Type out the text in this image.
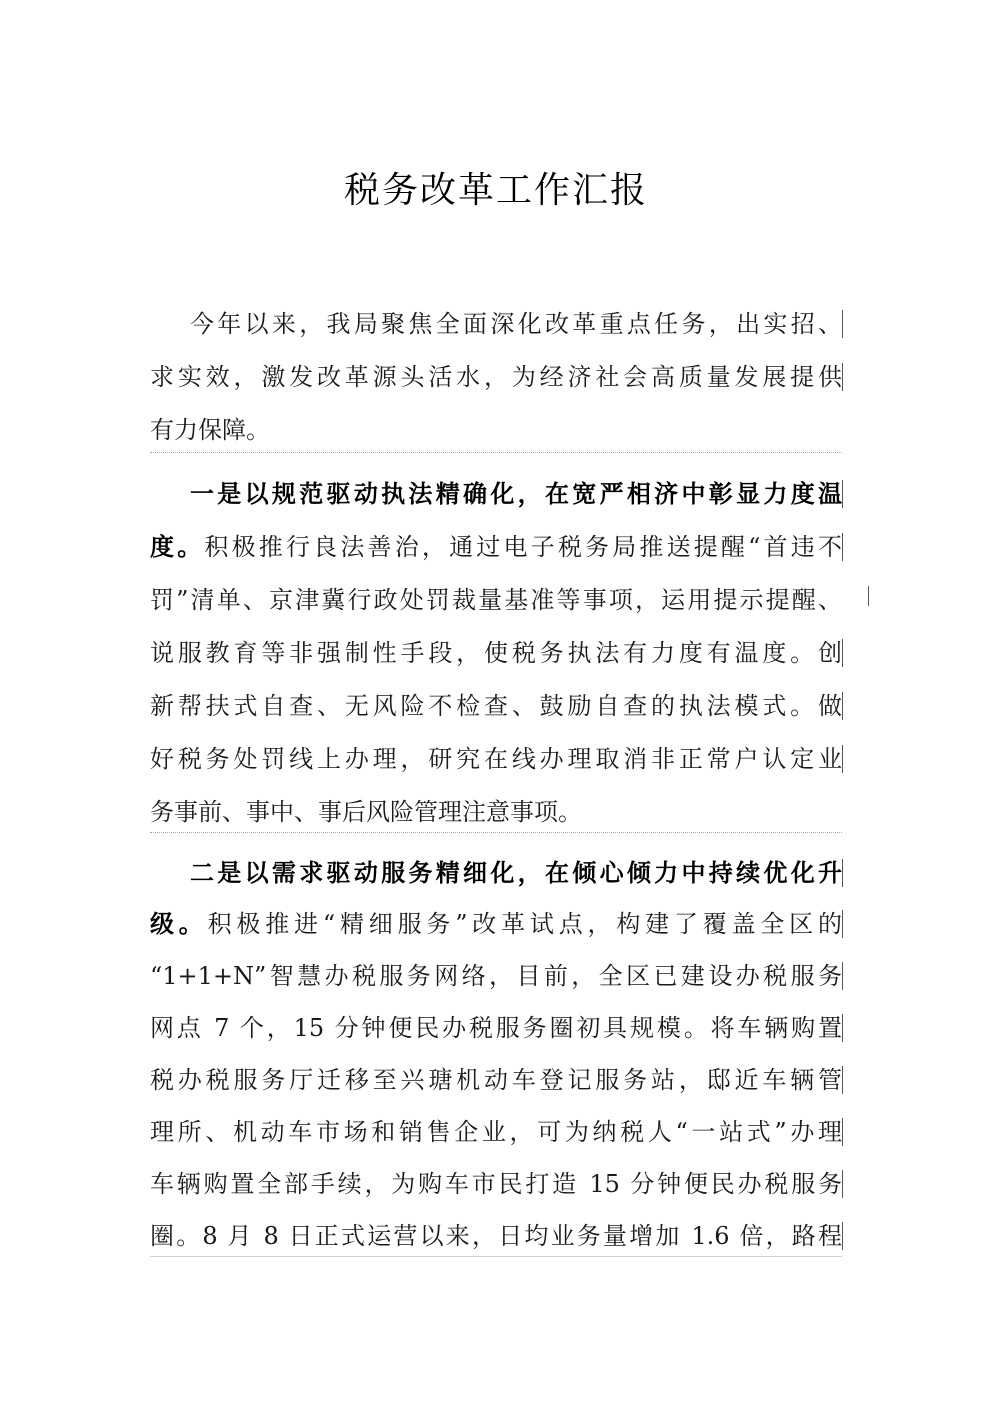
税务改革工作汇报
今年以来，我局聚焦全面深化改革重点任务，出实招、
求实效，激发改革源头活水，为经济社会高质量发展提供
有力保障。
一是以规范驱动执法精确化，在宽严相济中彰显力度温
度。积极推行良法善治，通过电子税务局推送提醒“首违不
罚”清单、京津冀行政处罚裁量基准等事项，运用提示提醒、
说服教育等非强制性手段，使税务执法有力度有温度。创
新帮扶式自查、无风险不检查、鼓励自查的执法模式。做
好税务处罚线上办理，研究在线办理取消非正常户认定业
务事前、事中、事后风险管理注意事项。
二是以需求驱动服务精细化，在倾心倾力中持续优化升
级。积极推进“精细服务”改革试点，构建了覆盖全区的
“1+1+N”智慧办税服务网络，目前，全区已建设办税服务
网点 7 个，15 分钟便民办税服务圈初具规模。将车辆购置
税办税服务厅迁移至兴瑭机动车登记服务站，邸近车辆管
理所、机动车市场和销售企业，可为纳税人“一站式”办理
车辆购置全部手续，为购车市民打造 15 分钟便民办税服务
圈。8 月 8 日正式运营以来，日均业务量增加 1.6 倍，路程
